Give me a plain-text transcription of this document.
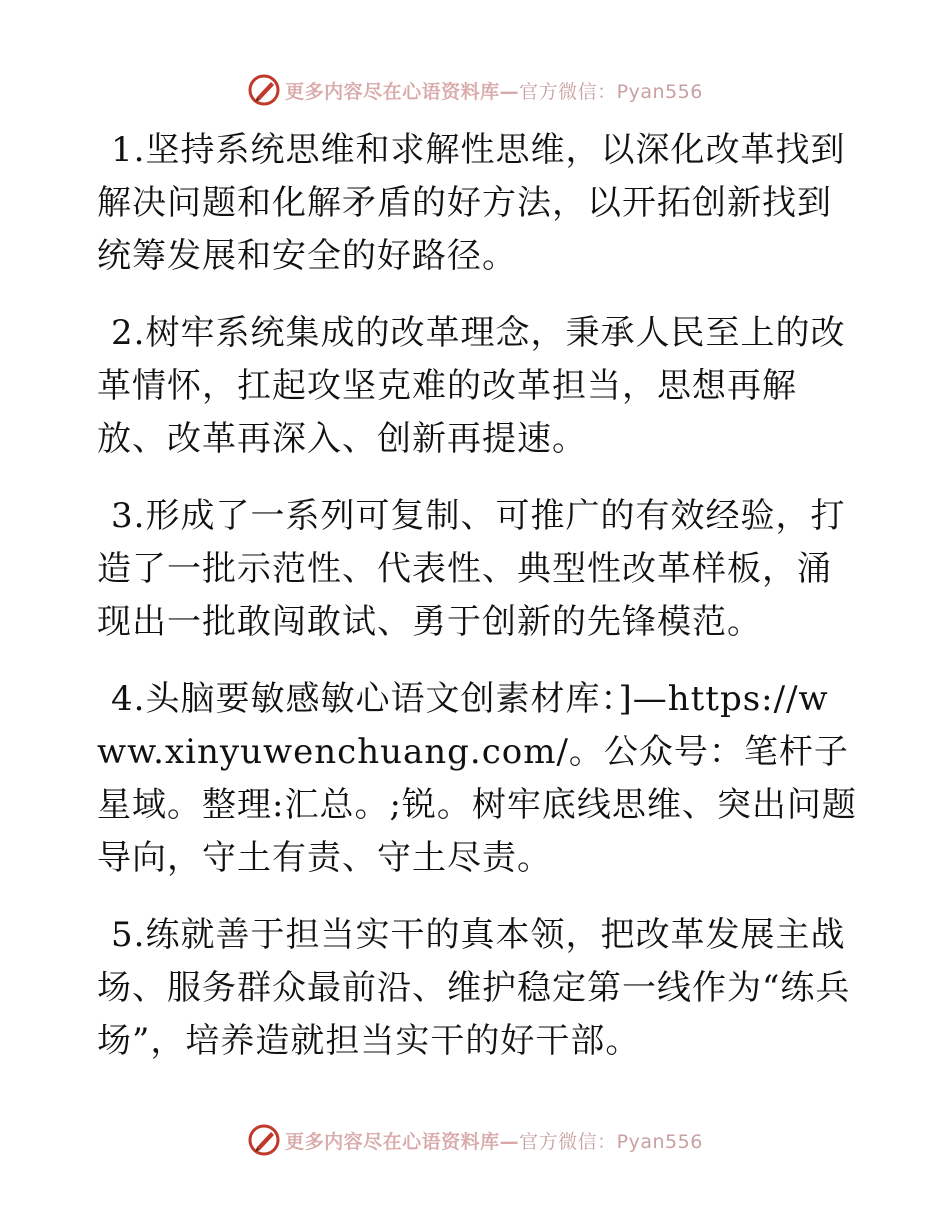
更多内容尽在心语资料库—官方微信：Pyan556

1.坚持系统思维和求解性思维，以深化改革找到解决问题和化解矛盾的好方法，以开拓创新找到统筹发展和安全的好路径。

2.树牢系统集成的改革理念，秉承人民至上的改革情怀，扛起攻坚克难的改革担当，思想再解放、改革再深入、创新再提速。

3.形成了一系列可复制、可推广的有效经验，打造了一批示范性、代表性、典型性改革样板，涌现出一批敢闯敢试、勇于创新的先锋模范。

4.头脑要敏感敏心语文创素材库：]—https://www.xinyuwenchuang.com/。公众号：笔杆子星域。整理:汇总。;锐。树牢底线思维、突出问题导向，守土有责、守土尽责。

5.练就善于担当实干的真本领，把改革发展主战场、服务群众最前沿、维护稳定第一线作为“练兵场”，培养造就担当实干的好干部。

更多内容尽在心语资料库—官方微信：Pyan556
